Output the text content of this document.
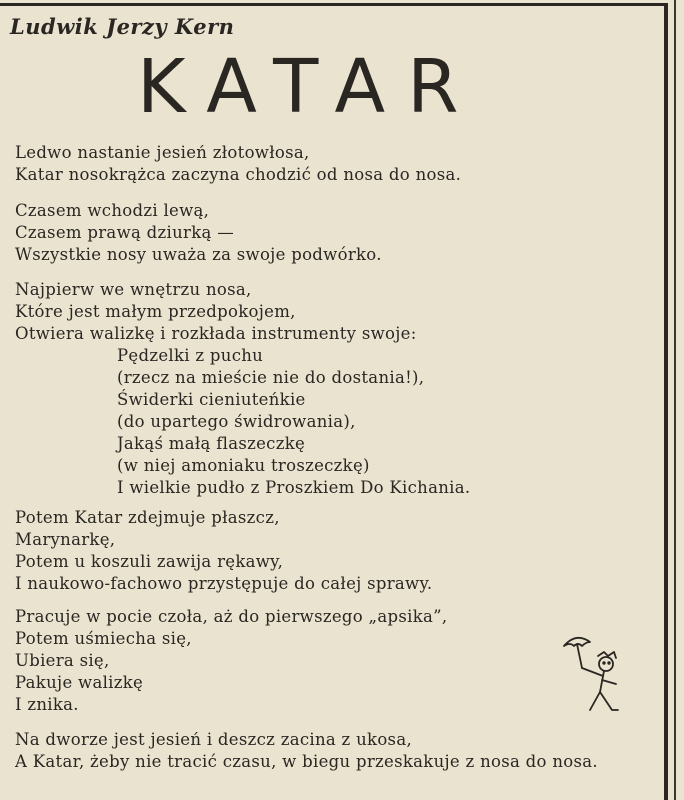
Ludwik Jerzy Kern
KATAR
Ledwo nastanie jesień złotowłosa,
Katar nosokrążca zaczyna chodzić od nosa do nosa.
Czasem wchodzi lewą,
Czasem prawą dziurką —
Wszystkie nosy uważa za swoje podwórko.
Najpierw we wnętrzu nosa,
Które jest małym przedpokojem,
Otwiera walizkę i rozkłada instrumenty swoje:
Pędzelki z puchu
(rzecz na mieście nie do dostania!),
Świderki cieniuteńkie
(do upartego świdrowania),
Jakąś małą flaszeczkę
(w niej amoniaku troszeczkę)
I wielkie pudło z Proszkiem Do Kichania.
Potem Katar zdejmuje płaszcz,
Marynarkę,
Potem u koszuli zawija rękawy,
I naukowo-fachowo przystępuje do całej sprawy.
Pracuje w pocie czoła, aż do pierwszego „apsika”,
Potem uśmiecha się,
Ubiera się,
Pakuje walizkę
I znika.
Na dworze jest jesień i deszcz zacina z ukosa,
A Katar, żeby nie tracić czasu, w biegu przeskakuje z nosa do nosa.
